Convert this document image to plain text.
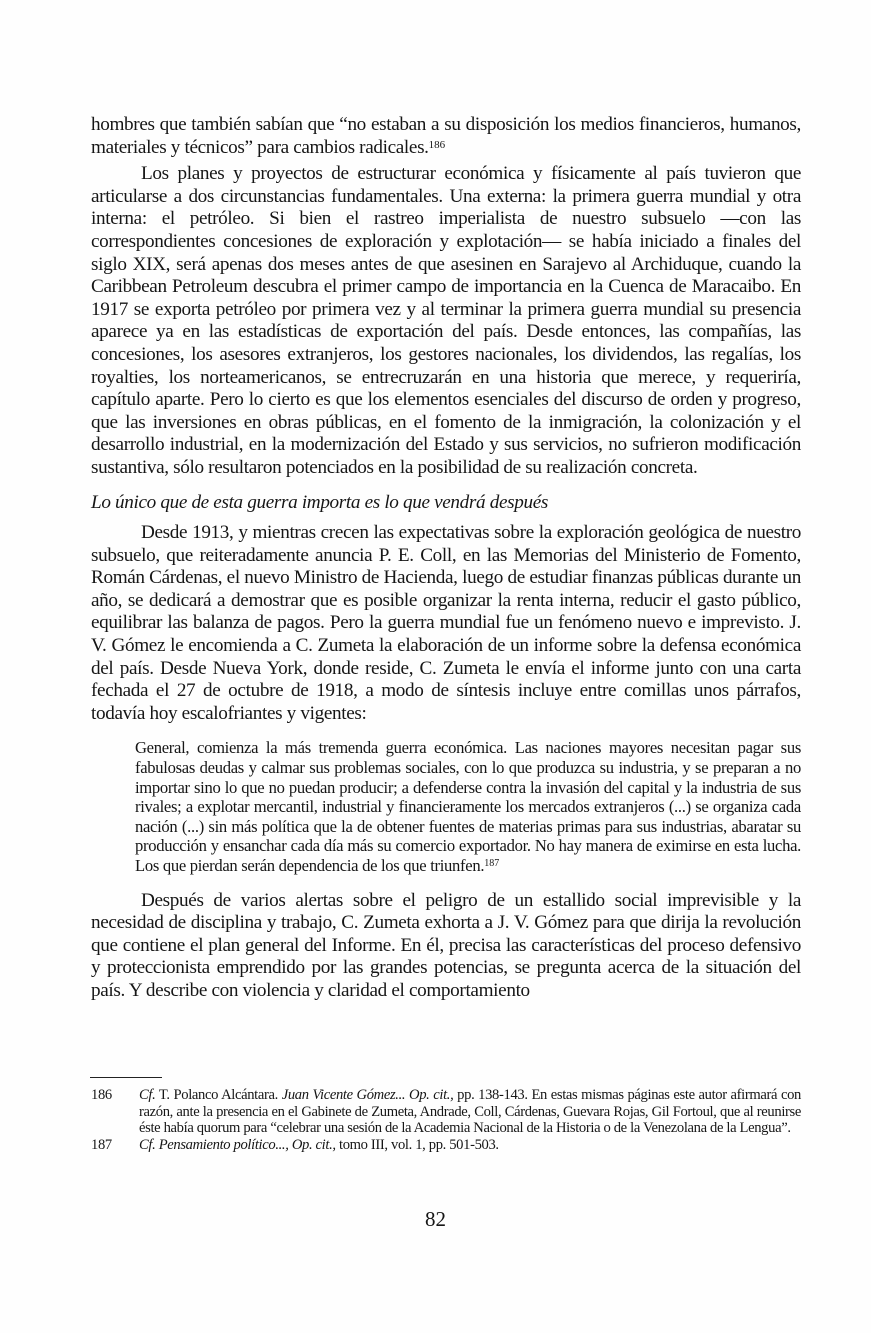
hombres que también sabían que “no estaban a su disposición los medios financieros, humanos, materiales y técnicos” para cambios radicales.$^{186}$

Los planes y proyectos de estructurar económica y físicamente al país tuvieron que articularse a dos circunstancias fundamentales. Una externa: la primera guerra mundial y otra interna: el petróleo. Si bien el rastreo imperialista de nuestro subsuelo —con las correspondientes concesiones de exploración y explotación— se había iniciado a finales del siglo XIX, será apenas dos meses antes de que asesinen en Sarajevo al Archiduque, cuando la Caribbean Petroleum descubra el primer campo de importancia en la Cuenca de Maracaibo. En 1917 se exporta petróleo por primera vez y al terminar la primera guerra mundial su presencia aparece ya en las estadísticas de exportación del país. Desde entonces, las compañías, las concesiones, los asesores extranjeros, los gestores nacionales, los dividendos, las regalías, los royalties, los norteamericanos, se entrecruzarán en una historia que merece, y requeriría, capítulo aparte. Pero lo cierto es que los elementos esenciales del discurso de orden y progreso, que las inversiones en obras públicas, en el fomento de la inmigración, la colonización y el desarrollo industrial, en la modernización del Estado y sus servicios, no sufrieron modificación sustantiva, sólo resultaron potenciados en la posibilidad de su realización concreta.

Lo único que de esta guerra importa es lo que vendrá después

Desde 1913, y mientras crecen las expectativas sobre la exploración geológica de nuestro subsuelo, que reiteradamente anuncia P. E. Coll, en las Memorias del Ministerio de Fomento, Román Cárdenas, el nuevo Ministro de Hacienda, luego de estudiar finanzas públicas durante un año, se dedicará a demostrar que es posible organizar la renta interna, reducir el gasto público, equilibrar las balanza de pagos. Pero la guerra mundial fue un fenómeno nuevo e imprevisto. J. V. Gómez le encomienda a C. Zumeta la elaboración de un informe sobre la defensa económica del país. Desde Nueva York, donde reside, C. Zumeta le envía el informe junto con una carta fechada el 27 de octubre de 1918, a modo de síntesis incluye entre comillas unos párrafos, todavía hoy escalofriantes y vigentes:

General, comienza la más tremenda guerra económica. Las naciones mayores necesitan pagar sus fabulosas deudas y calmar sus problemas sociales, con lo que produzca su industria, y se preparan a no importar sino lo que no puedan producir; a defenderse contra la invasión del capital y la industria de sus rivales; a explotar mercantil, industrial y financieramente los mercados extranjeros (...) se organiza cada nación (...) sin más política que la de obtener fuentes de materias primas para sus industrias, abaratar su producción y ensanchar cada día más su comercio exportador. No hay manera de eximirse en esta lucha. Los que pierdan serán dependencia de los que triunfen.$^{187}$

Después de varios alertas sobre el peligro de un estallido social imprevisible y la necesidad de disciplina y trabajo, C. Zumeta exhorta a J. V. Gómez para que dirija la revolución que contiene el plan general del Informe. En él, precisa las características del proceso defensivo y proteccionista emprendido por las grandes potencias, se pregunta acerca de la situación del país. Y describe con violencia y claridad el comportamiento

186	Cf. T. Polanco Alcántara. Juan Vicente Gómez... Op. cit., pp. 138-143. En estas mismas páginas este autor afirmará con razón, ante la presencia en el Gabinete de Zumeta, Andrade, Coll, Cárdenas, Guevara Rojas, Gil Fortoul, que al reunirse éste había quorum para “celebrar una sesión de la Academia Nacional de la Historia o de la Venezolana de la Lengua”.
187	Cf. Pensamiento político..., Op. cit., tomo III, vol. 1, pp. 501-503.
82
